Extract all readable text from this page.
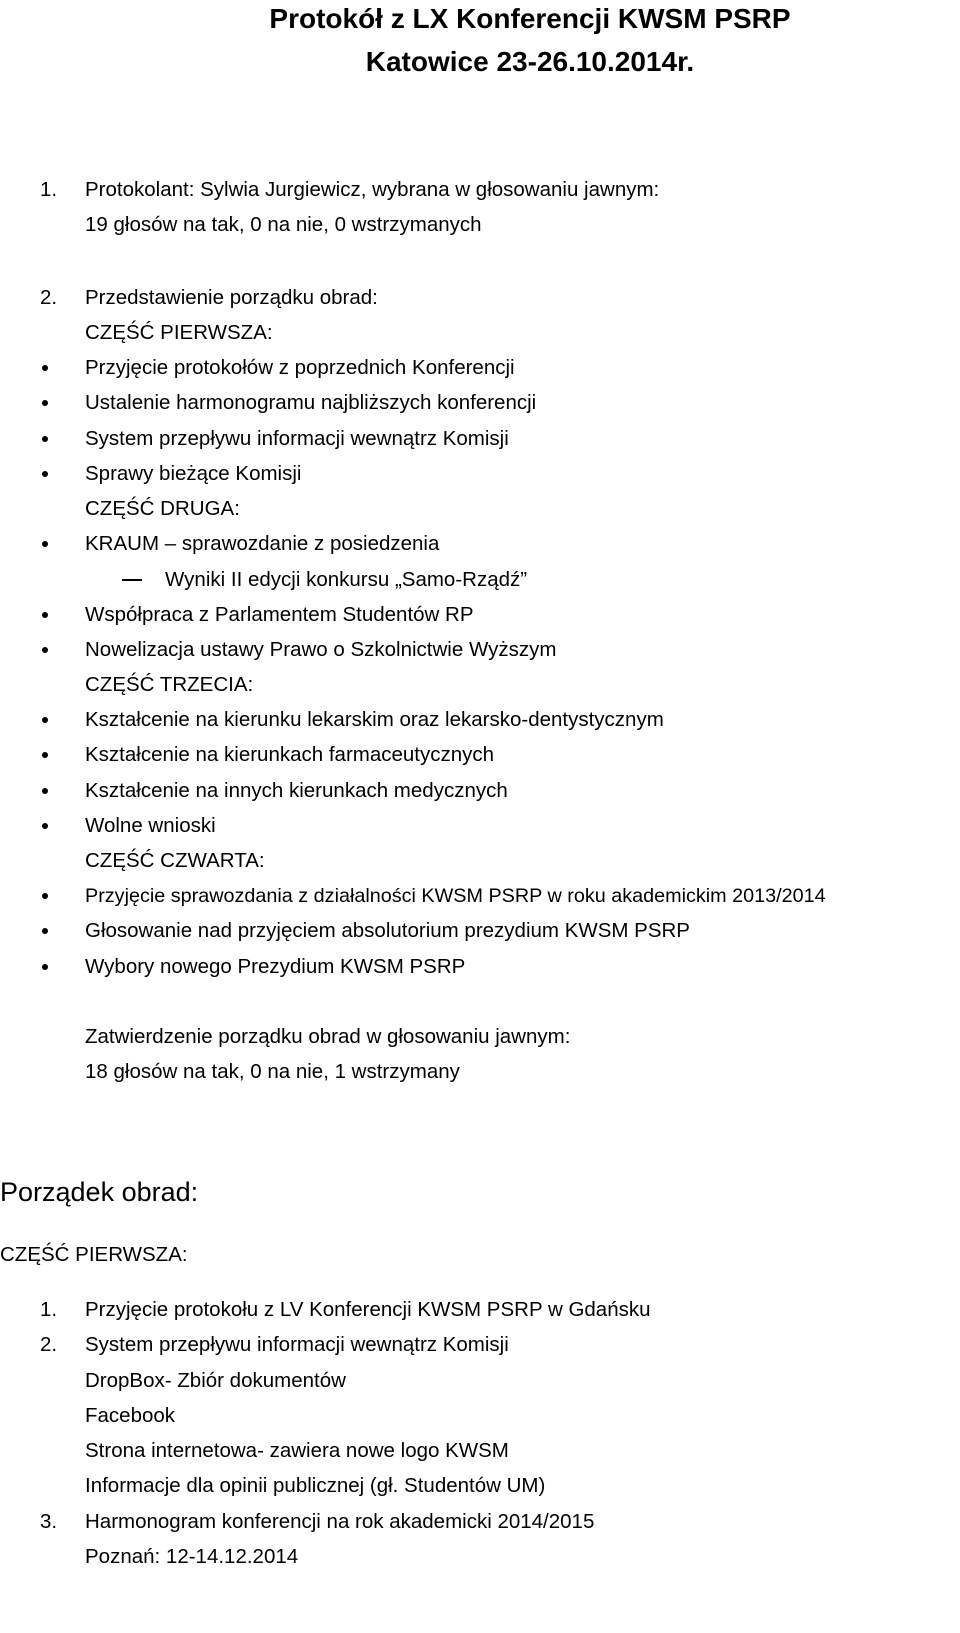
Protokół z LX Konferencji KWSM PSRP
Katowice 23-26.10.2014r.
1. Protokolant: Sylwia Jurgiewicz, wybrana w głosowaniu jawnym:
19 głosów na tak, 0 na nie, 0 wstrzymanych
2. Przedstawienie porządku obrad:
CZĘŚĆ PIERWSZA:
Przyjęcie protokołów z poprzednich Konferencji
Ustalenie harmonogramu najbliższych konferencji
System przepływu informacji wewnątrz Komisji
Sprawy bieżące Komisji
CZĘŚĆ DRUGA:
KRAUM – sprawozdanie z posiedzenia
Wyniki II edycji konkursu „Samo-Rządź”
Współpraca z Parlamentem Studentów RP
Nowelizacja ustawy Prawo o Szkolnictwie Wyższym
CZĘŚĆ TRZECIA:
Kształcenie na kierunku lekarskim oraz lekarsko-dentystycznym
Kształcenie na kierunkach farmaceutycznych
Kształcenie na innych kierunkach medycznych
Wolne wnioski
CZĘŚĆ CZWARTA:
Przyjęcie sprawozdania z działalności KWSM PSRP w roku akademickim 2013/2014
Głosowanie nad przyjęciem absolutorium prezydium KWSM PSRP
Wybory nowego Prezydium KWSM PSRP
Zatwierdzenie porządku obrad w głosowaniu jawnym:
18 głosów na tak, 0 na nie, 1 wstrzymany
Porządek obrad:
CZĘŚĆ PIERWSZA:
1. Przyjęcie protokołu z LV Konferencji KWSM PSRP w Gdańsku
2. System przepływu informacji wewnątrz Komisji
DropBox- Zbiór dokumentów
Facebook
Strona internetowa- zawiera nowe logo KWSM
Informacje dla opinii publicznej (gł. Studentów UM)
3. Harmonogram konferencji na rok akademicki 2014/2015
Poznań: 12-14.12.2014
